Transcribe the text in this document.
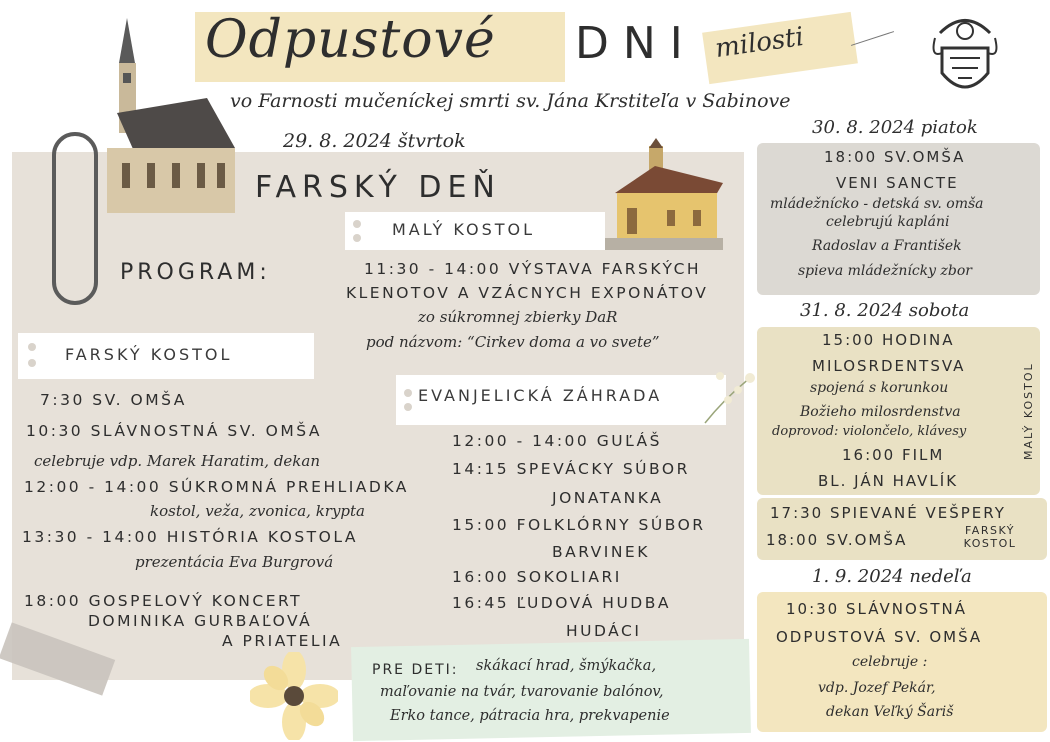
Odpustové DNI milosti
vo Farnosti mučeníckej smrti sv. Jána Krstiteľa v Sabinove
29. 8. 2024 štvrtok
FARSKÝ DEŇ
PROGRAM:
MALÝ KOSTOL
11:30 - 14:00 VÝSTAVA FARSKÝCH
KLENOTOV A VZÁCNYCH EXPONÁTOV
zo súkromnej zbierky DaR
pod názvom: “Cirkev doma a vo svete”
FARSKÝ KOSTOL
7:30 SV. OMŠA
10:30 SLÁVNOSTNÁ SV. OMŠA
celebruje vdp. Marek Haratim, dekan
12:00 - 14:00 SÚKROMNÁ PREHLIADKA
kostol, veža, zvonica, krypta
13:30 - 14:00 HISTÓRIA KOSTOLA
prezentácia Eva Burgrová
18:00 GOSPELOVÝ KONCERT
DOMINIKA GURBAĽOVÁ
A PRIATELIA
EVANJELICKÁ ZÁHRADA
12:00 - 14:00 GUĽÁŠ
14:15 SPEVÁCKY SÚBOR
JONATANKA
15:00 FOLKLÓRNY SÚBOR
BARVINEK
16:00 SOKOLIARI
16:45 ĽUDOVÁ HUDBA
HUDÁCI
PRE DETI: skákací hrad, šmýkačka,
maľovanie na tvár, tvarovanie balónov,
Erko tance, pátracia hra, prekvapenie
30. 8. 2024 piatok
18:00 SV.OMŠA
VENI SANCTE
mládežnícko - detská sv. omša
celebrujú kapláni
Radoslav a František
spieva mládežnícky zbor
31. 8. 2024 sobota
15:00 HODINA
MILOSRDENTSVA
spojená s korunkou
Božieho milosrdenstva
doprovod: violončelo, klávesy
16:00 FILM
BL. JÁN HAVLÍK
MALÝ KOSTOL
17:30 SPIEVANÉ VEŠPERY
18:00 SV.OMŠA
FARSKÝ
KOSTOL
1. 9. 2024 nedeľa
10:30 SLÁVNOSTNÁ
ODPUSTOVÁ SV. OMŠA
celebruje :
vdp. Jozef Pekár,
dekan Veľký Šariš
